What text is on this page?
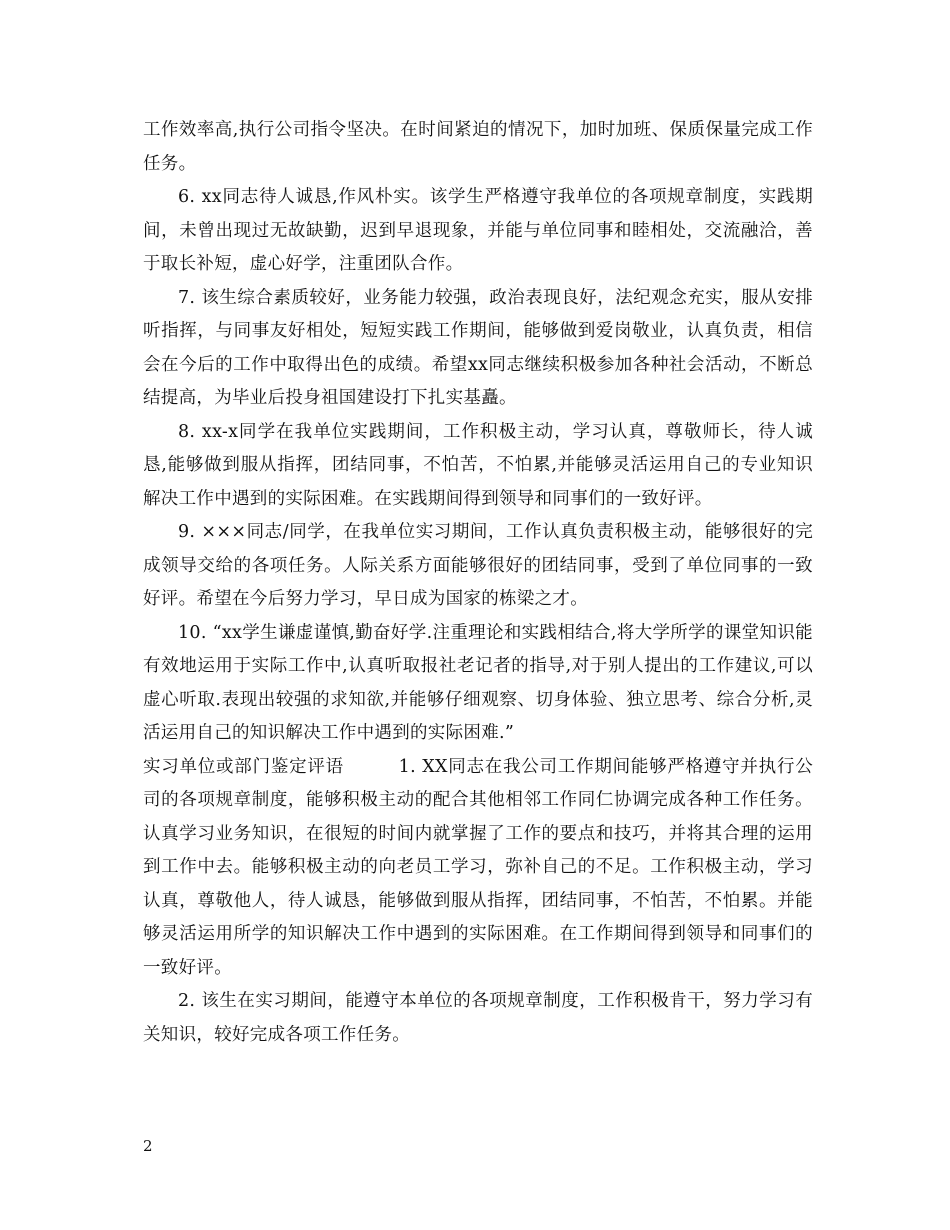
工作效率高,执行公司指令坚决。在时间紧迫的情况下，加时加班、保质保量完成工作任务。

6. xx同志待人诚恳,作风朴实。该学生严格遵守我单位的各项规章制度，实践期间，未曾出现过无故缺勤，迟到早退现象，并能与单位同事和睦相处，交流融洽，善于取长补短，虚心好学，注重团队合作。

7. 该生综合素质较好，业务能力较强，政治表现良好，法纪观念充实，服从安排听指挥，与同事友好相处，短短实践工作期间，能够做到爱岗敬业，认真负责，相信会在今后的工作中取得出色的成绩。希望xx同志继续积极参加各种社会活动，不断总结提高，为毕业后投身祖国建设打下扎实基矗。

8. xx-x同学在我单位实践期间，工作积极主动，学习认真，尊敬师长，待人诚恳,能够做到服从指挥，团结同事，不怕苦，不怕累,并能够灵活运用自己的专业知识解决工作中遇到的实际困难。在实践期间得到领导和同事们的一致好评。

9. ×××同志/同学，在我单位实习期间，工作认真负责积极主动，能够很好的完成领导交给的各项任务。人际关系方面能够很好的团结同事，受到了单位同事的一致好评。希望在今后努力学习，早日成为国家的栋梁之才。

10. “xx学生谦虚谨慎,勤奋好学.注重理论和实践相结合,将大学所学的课堂知识能有效地运用于实际工作中,认真听取报社老记者的指导,对于别人提出的工作建议,可以虚心听取.表现出较强的求知欲,并能够仔细观察、切身体验、独立思考、综合分析,灵活运用自己的知识解决工作中遇到的实际困难.”

实习单位或部门鉴定评语　　　1. XX同志在我公司工作期间能够严格遵守并执行公司的各项规章制度，能够积极主动的配合其他相邻工作同仁协调完成各种工作任务。认真学习业务知识，在很短的时间内就掌握了工作的要点和技巧，并将其合理的运用到工作中去。能够积极主动的向老员工学习，弥补自己的不足。工作积极主动，学习认真，尊敬他人，待人诚恳，能够做到服从指挥，团结同事，不怕苦，不怕累。并能够灵活运用所学的知识解决工作中遇到的实际困难。在工作期间得到领导和同事们的一致好评。

2. 该生在实习期间，能遵守本单位的各项规章制度，工作积极肯干，努力学习有关知识，较好完成各项工作任务。

2
